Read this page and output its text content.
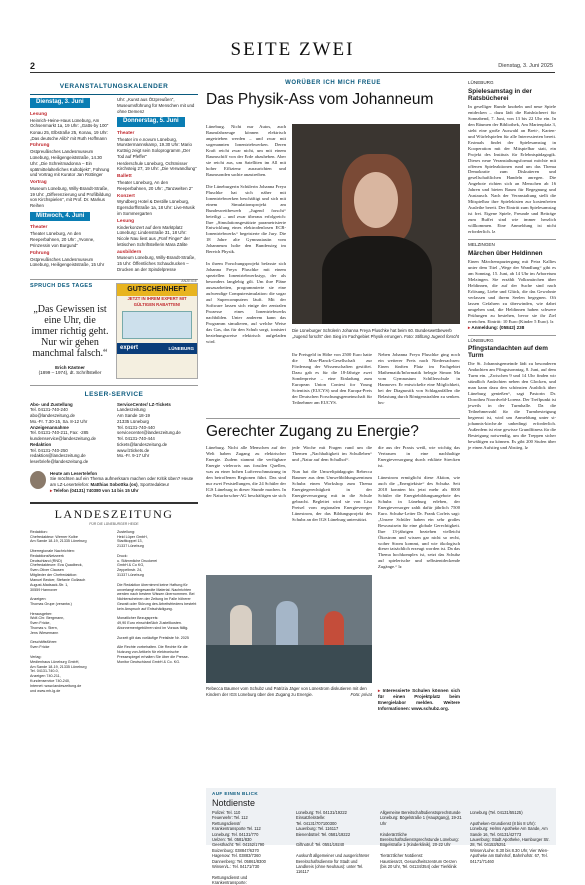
SEITE ZWEI
2	Dienstag, 3. Juni 2025
VERANSTALTUNGSKALENDER
Dienstag, 3. Juni
Lesung
Heinrich-Heine-Haus Lüneburg, Am Ochsenmarkt 1a, 19 Uhr: „Gatts-by 100“
Konau 25, Elbstraße 25, Konau, 19 Uhr: „Das deutsche Alibi“ mit Ruth Hoffmann
Führung
Ostpreußisches Landesmuseum Lüneburg, Heiligengeiststraße, 14.30 Uhr: „Die Schreitmadonna – Ein spätmittelalterliches Kultobjekt“, Führung und Vortrag mit Kurator Jan Rüttinger
Vortrag
Museum Lüneburg, Willy-Brandt-Straße, 19 Uhr: „Differenzierung und Profilbildung von Kirchspielen“, mit Prof. Dr. Markus Reihen
Mittwoch, 4. Juni
Theater
Theater Lüneburg, An den Reeperbahnen, 20 Uhr: „Yvonne, Prinzessin von Burgund“
Führung
Ostpreußisches Landesmuseum Lüneburg, Heiligengeiststraße, 15 Uhr
Uhr: „Kunst aus Ötzpreußen“, Museumsführung für Menschen mit und ohne Demenz
Donnerstag, 5. Juni
Theater
Theater im e.novum Lüneburg, Munstermannskamp, 19.30 Uhr: Mario Kuttnig zeigt sein Soloprogramm „Der Tod auf Pfeffer“
Herderschule Lüneburg, Ochtmisser Kirchsteig 27, 19 Uhr: „Die Verwandlung“
Ballett
Theater Lüneburg, An den Reeperbahnen, 20 Uhr: „Tanzwelten 2“
Konzert
Wyndberg Hotel & Destille Lüneburg, Egersdorffstraße 1a, 18 Uhr: Live-Musik im Sommergarten
Lesung
Kinderkonzert auf dem Marktplatz Lüneburg: Lindenstraße 31, 18 Uhr: Nicole Nau liest aus „Fünf Finger“ der lettischen Schriftstellerin Mara Zälite
ausbildern
Museum Lüneburg, Willy-Brandt-Straße, 15 Uhr: Öffentliches Schaudrucken – Drucken an der Spindelpresse
SPRUCH DES TAGES
„Das Gewissen ist eine Uhr, die immer richtig geht. Nur wir gehen manchmal falsch.“
Erich Kästner
(1899 – 1974), dt. Schriftsteller
ANZEIGE
GUTSCHEINHEFT
JETZT IN IHREM EXPERT MIT GÜLTIGEN RABATTEN!
expert	LÜNEBURG
LESER-SERVICE
Abo- und Zustellung
Tel. 04131-740-240
abo@landeszeitung.de
Mo.-Fr. 7.30-15, Sa. 8-12 Uhr
Anzeigenannahme
Tel. 04131-740-211, Fax: -285
kundenservice@landeszeitung.de
Redaktion
Tel. 04131-740-250
redaktion@landeszeitung.de
leserbriefe@landeszeitung.de
ServiceCenter/ LZ-Tickets
Landeszeitung
Am Sande 18-19
21335 Lüneburg
Tel. 04131-740-440
servicecenter@landeszeitung.de
Tel. 04131-740-444
tickets@landeszeitung.de
www.lztickets.de
Mo.-Fr. 9-17 Uhr
Heute am Lesertelefon
Sie möchten auf ein Thema aufmerksam machen oder Kritik üben? Heute am LZ-Lesertelefon: Matthias Sobottka (os), Sportredakteur
▸ Telefon (04131) 740380 von 14 bis 15 Uhr
LANDESZEITUNG
FÜR DIE LÜNEBURGER HEIDE
Redaktion:
Chefredakteur: Werner Kolbe
Am Sande 18-19, 21335 Lüneburg

Überregionale Nachrichten:
RedaktionsNetzwerk
Deutschland (RND)
Chefredakteure: Eva Quadbeck,
Sven-Oliver Clausen
Mitglieder der Chefredaktion:
Manuel Becker, Stefanie Gollasch
August-Madsack-Str. 1,
30559 Hannover

Anzeigen:
Thomas Grupe (verantw.)

Herausgeber:
Wolf-Chr. Bergmann,
Sven Fricke,
Thomas v. Stern,
Jens Wiesemann

Geschäftsführer:
Sven Fricke

Verlag:
Medienhaus Lüneburg GmbH,
Am Sande 18-19, 21335 Lüneburg
Tel. 04131-740-0,
Anzeigen 740-211,
Kundenservice 740-240,
Internet: www.landeszeitung.de
und www.mh-lg.de
Zustellung:
Heid Lüper GmbH,
Stadtkoppel 13,
21337 Lüneburg

Druck:
u. Stämmliche Druckerei
GmbH & Co KG,
Zeppelinstr. 24,
31337 Lüneburg

Die Redaktion übernimmt keine Haftung für unverlangt eingesandte Material. Nachrichten werden nach bestem Wissen übernommen. Bei Nichterscheinen der Zeitung im Falle höherer Gewalt oder Störung des Arbeitsfriedens besteht kein Anspruch auf Entschädigung.

Monatlicher Bezugspreis:
49,90 Euro einschließlich Zustellkosten. Abonnementgebühren sind im Voraus fällig.

Zurzeit gilt das vorläufige Preisliste Nr. 2025

Alle Rechte vorbehalten. Die Rechte für die Nutzung von Artikeln für elektronische Pressespiegel erhalten Sie über die Presse-Monitor Deutschland GmbH & Co. KG.
WORÜBER ICH MICH FREUE
Das Physik-Ass vom Johanneum
Lüneburg. Nicht nur Autos, auch Raumfahrzeuge können elektrisch angetrieben werden – und zwar mit sogenannten Ionentriebwerken. Deren Kraft reicht zwar nicht, um mit einem Raumschiff von der Erde abzuheben. Aber sie reicht aus, um Satelliten im All mit hoher Effizienz auszurichten und Raumsonden sachte anzutreiben.

Die Lüneburgerin Schülerin Johanna Freya Pluschke hat sich näher mit Ionentriebwerken beschäftigt und sich mit einem Simulationsprojekt am Bundeswettbewerb „Jugend forscht“ beteiligt – und zwar überaus erfolgreich: Ihre „Simulationsgestützte parametrisierte Entwicklung eines elektrodenlosen ECR-Ionentriebwerks“ begeisterte die Jury. Die 18 Jahre alte Gymnasiastin vom Johanneum holte den Bundessieg im Bereich Physik.

In ihrem Forschungsprojekt befasste sich Johanna Freya Pluschke mit einem speziellen Ionentriebwerkstyp, der als besonders langlebig gilt. Um ihre Pläne auszuarbeiten, programmierte sie eine aufwendige Computersimulation: die sogar auf Supercomputern läuft. Mit der Software lassen sich einige der zentralen Prozesse eines Ionentriebwerks nachbilden. Unter anderem kann das Programm simulieren, auf welche Weise das Gas, das für den Schub sorgt, ionisiert beziehungsweise elektrisch aufgeladen wird.
Die Lüneburger Schülerin Johanna Freya Pluschke hat beim 60. Bundeswettbewerb „Jugend forscht“ den Sieg im Fachgebiet Physik errungen. Foto: Stiftung Jugend forscht
Ihr Preisgeld in Höhe von 2500 Euro hatte die Max-Planck-Gesellschaft zur Förderung der Wissenschaften gestiftet. Dazu gab es für die 18-Jährige zwei Sonderpreise – eine Einladung zum European Union Contest for Young Scientists (EUCYS) und den Europa-Preis der Deutschen Forschungsgemeinschaft für Teilnehmer am EUCYS.
Neben Johanna Freya Pluschke ging noch ein weiterer Preis nach Niedersachsen: Einen fünften Platz im Fachgebiet Mathematik/Informatik belegte Simon Ma vom Gymnasium Schillerschule in Hannover. Er entwickelte eine Möglichkeit, bei der Diagnostik von Schlaganfällen die Belastung durch Röntgenstrahlen zu senken. bec
Gerechter Zugang zu Energie?
Lüneburg. Nicht alle Menschen auf der Welt haben Zugang zu elektrischer Energie. Zudem stammt die verfügbare Energie vielerorts aus fossilen Quellen, was zu einer hohen Luftverschmutzung in den betroffenen Regionen führt. Das sind nur zwei Feststellungen, die 24 Schüler der IGS Lüneburg in dieser Stunde machen. In der Naturforscher-AG beschäftigen sie sich
jede Woche mit Fragen rund um die Themen „Nachhaltigkeit im Schulleben“ und „Natur auf dem Schulhof“.

Nun hat die Umweltpädagogin Rebecca Baumer aus dem Umweltbildungszentrum Schubz einen Workshop zum Thema Energiegerechtigkeit in der Energieversorgung mit in die Schule gebracht. Begleitet wird sie von Lisa Preisel vom regionalen Energievereger Lünestrom, der das Bildungsprojekt des Schubz an der IGS Lüneburg unterstützt.
die aus der Praxis weiß, wie wichtig das Vertrauen in eine nachhaltige Energieversorgung durch erklärte Strecken ist.

Lünestrom ermöglicht diese Aktion, wie auch die „Energiekiste“ des Schubz. Seit 2018 konnten bis jetzt mehr als 8000 Schüler die Energiebildungsangebote des Schubz in Lüneburg erleben, der Energieversorger zahlt dafür jährlich 7500 Euro. Schubz-Leiter Dr. Frank Corleis sagt: „Unsere Schüler haben ein sehr großes Bewusstsein für eine globale Gerechtigkeit. Ihre 13-jährigen beziehen vielleicht Ökostrom und wissen gar nicht so recht, woher Strom kommt, und wie ökologisch dieser tatsächlich erzeugt worden ist. Da das Thema hochkomplex ist, setzt das Schubz auf spielerische und selbstentdeckende Zugänge.“ lz
Rebecca Baumer vom Schubz und Patrizia Jäger von Lünestrom diskutieren mit den Kindern der IGS Lüneburg über den Zugang zu Energie.	Foto: privat
▸ Interessierte Schulen können sich für einen Projektplatz beim Energielabor melden. Weitere Informationen: www.schubz.org.
LÜNEBURG
Spielesamstag in der Ratsbücherei
In geselliger Runde knobeln und neue Spiele entdecken – dazu lädt die Ratsbücherei für Sonnabend, 7. Juni, von 13 bis 22 Uhr ein. In den Räumen der Bibliothek, Am Marienplatz 3, steht eine große Auswahl an Brett-, Karten- und Würfelspielen für alle Interessierten bereit. Erstmals findet der Spielesamstag in Kooperation mit der Mitspielbar statt, ein Projekt des Instituts für Erlebnispädagogik. Dieses neue Veranstaltungsformat möchte mit offenen Spieleaktionen rund um das Thema Demokratie zum Diskutieren und gesellschaftlichen Handeln anregen. Die Angebote richten sich an Menschen ab 16 Jahren und bieten Raum für Begegnung und Austausch. Nach der Veranstaltung stellt die Mitspielbar ihre Spielekisten zur kostenfreien Ausleihe bereit. Der Eintritt zum Spielesamstag ist frei. Eigene Spiele, Freunde und Beiträge zum Buffet sind wie immer herzlich willkommen. Eine Anmeldung ist nicht erforderlich. lz
MELZINGEN
Märchen über Heldinnen
Einen Märchenspaziergang mit Petra Kallies unter dem Titel „Wege der Wandlung“ gibt es am Sonntag, 15. Juni, ab 14 Uhr im Arboretum Melzingen. Sie erzählt Volksmärchen über Heldinnen, die auf der Suche sind nach Erlösung, Liebe und Glück, die das Gewohnte verlassen und ihrem Seelen begegnen. Oft lassen Gefahren zu überwinden, wie dabei umgehen und, die Heldinnen haben schwere Prüfungen zu bestehen, bevor sie ihr Ziel erreichen. Eintritt: 10 Euro (Kinder 5 Euro). lz
▸ Anmeldung: (05842) 238
LÜNEBURG
Pfingstandachten auf dem Turm
Die St. Johannisgemeinde lädt zu besonderen Andachten am Pfingstsonntag, 8. Juni, auf dem Turm ein. „Zwischen 9 und 14 Uhr finden wir stündlich Andachten neben den Glocken, und man kann dazu den schönsten Ausblick über Lüneburg genießen“, sagt Pastorin Dr. Dorothea Noordveld-Lorenz. Der Treffpunkt ist jeweils in der Turmhalle. Da die Teilnehmerzahl für die Turmbesteigung begrenzt ist, wird um Anmeldung unter st-johannis-kirche.de unbedingt erforderlich. Außerdem ist eine gewisse Grundfitness für die Besteigung notwendig, um die Treppen sicher bewältigen zu können. Es gibt 200 Stufen über je einen Aufstieg und Abstieg. lz
AUF EINEN BLICK
Notdienste
Polizei: Tel. 110
Feuerwehr: Tel. 112
Rettungsdienst/
Krankentransporte Tel. 112
Lüneburg: Tel. 04131/770
Uelzen: Tel. 0581/830
Geesthacht: Tel. 04152/1790
Boizenburg: 038847/6370
Hagenow: Tel. 03883/7360
Dannenberg: Tel. 05861/8300
Winsen/L.: Tel. 04171/730

Rettungsdienst und
Krankentransporte:
Lüneburg: Tel. 04131/19222
Einsatzleitstelle:
Tel. 04131/707100300
Lauenburg: Tel. 116117
Bienenbüttel: Tel. 0581/19222

Giftnotruf: Tel. 0551/19240

Auskunft allgemeiner und ausgerichteter Bereitschaftsdienste für Stadt und Landkreis (ohne Neuhaus): unter Tel. 116117
Allgemeine Bereitschaftsdienstsprechstunde Lüneburg: Bögelstraße 1 (Hauptgang), 19-21 Uhr

Kinderärztliche Bereitschaftsdienstsprechstunde Lüneburg: Bögelstraße 1 (Kinderklinik), 20-22 Uhr

Tierärztlicher Notdienst:
Haustierarzt, Gesundheitszentrum Oerzen (bis 20 Uhr, Tel. 04134/354) oder Tierklinik
Lüneburg (Tel. 04131/55125)

Apotheken-Grundienst (8 bis 8 Uhr):
Lüneburg: Helms Apotheke Am Sande, Am Sande 16, Tel. 04131/42773
Lauenburg: Stadt Apotheke, Hamburger Str. 28, Tel. 04153/5251
Winsen/Luhe: 8.30 bis 8.30 Uhr, Vier Wien-Apotheke am Bahnhof, Bahnhofstr. 67, Tel. 04171/71460
